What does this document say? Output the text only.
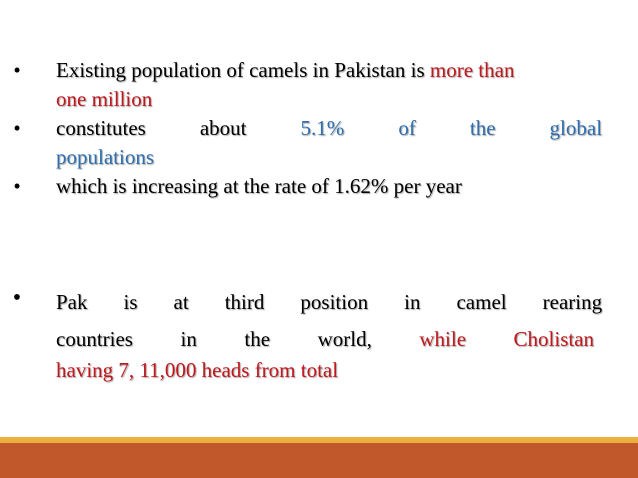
• Existing population of camels in Pakistan is more than
one million
• constitutes	about	5.1%	of	the	global
populations
• which is increasing at the rate of 1.62% per year
• Pak is at third position in camel rearing
countries in the world, while Cholistan
having 7, 11,000 heads from total
